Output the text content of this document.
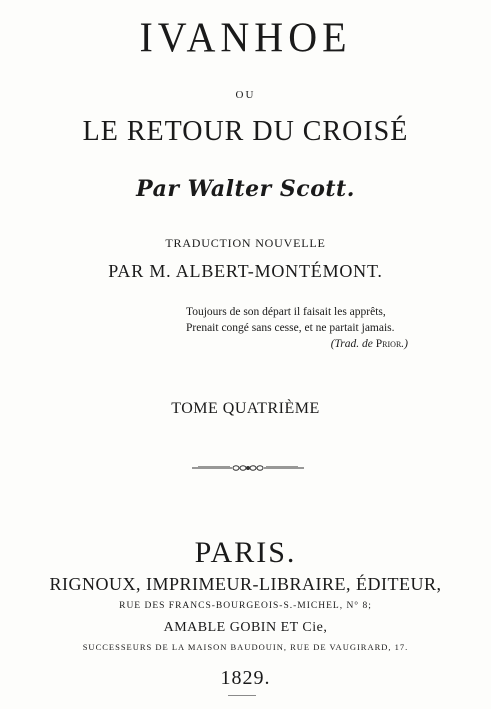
IVANHOE
OU
LE RETOUR DU CROISÉ
Par Walter Scott.
TRADUCTION NOUVELLE
PAR M. ALBERT-MONTÉMONT.
Toujours de son départ il faisait les apprêts,
Prenait congé sans cesse, et ne partait jamais.
(Trad. de Prior.)
TOME QUATRIÈME
PARIS.
RIGNOUX, IMPRIMEUR-LIBRAIRE, ÉDITEUR,
RUE DES FRANCS-BOURGEOIS-S.-MICHEL, N° 8;
AMABLE GOBIN ET Cie,
SUCCESSEURS DE LA MAISON BAUDOUIN, RUE DE VAUGIRARD, 17.
1829.
